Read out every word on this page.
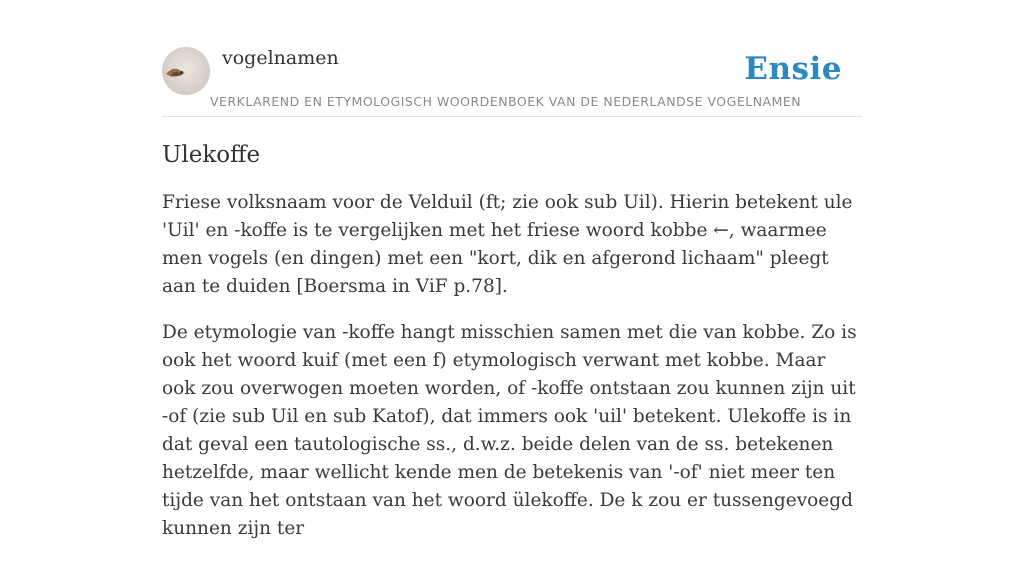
vogelnamen	Ensie
VERKLAREND EN ETYMOLOGISCH WOORDENBOEK VAN DE NEDERLANDSE VOGELNAMEN
Ulekoffe

Friese volksnaam voor de Velduil (ft; zie ook sub Uil). Hierin betekent ule 'Uil' en -koffe is te vergelijken met het friese woord kobbe ←, waarmee men vogels (en dingen) met een "kort, dik en afgerond lichaam" pleegt aan te duiden [Boersma in ViF p.78].

De etymologie van -koffe hangt misschien samen met die van kobbe. Zo is ook het woord kuif (met een f) etymologisch verwant met kobbe. Maar ook zou overwogen moeten worden, of -koffe ontstaan zou kunnen zijn uit -of (zie sub Uil en sub Katof), dat immers ook 'uil' betekent. Ulekoffe is in dat geval een tautologische ss., d.w.z. beide delen van de ss. betekenen hetzelfde, maar wellicht kende men de betekenis van '-of' niet meer ten tijde van het ontstaan van het woord ülekoffe. De k zou er tussengevoegd kunnen zijn ter
